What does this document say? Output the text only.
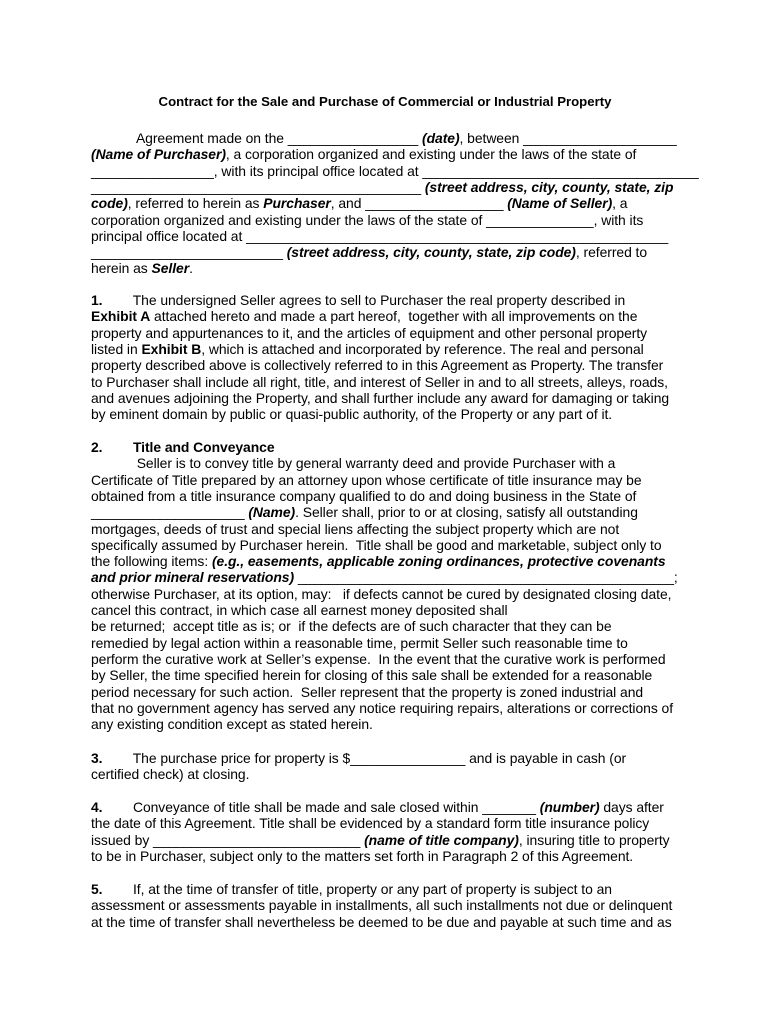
Contract for the Sale and Purchase of Commercial or Industrial Property
Agreement made on the _________________ (date), between ____________________
(Name of Purchaser), a corporation organized and existing under the laws of the state of
________________, with its principal office located at ____________________________________
___________________________________________ (street address, city, county, state, zip
code), referred to herein as Purchaser, and __________________ (Name of Seller), a
corporation organized and existing under the laws of the state of ______________, with its
principal office located at _______________________________________________________
_________________________ (street address, city, county, state, zip code), referred to
herein as Seller.
1.        The undersigned Seller agrees to sell to Purchaser the real property described in
Exhibit A attached hereto and made a part hereof,  together with all improvements on the
property and appurtenances to it, and the articles of equipment and other personal property
listed in Exhibit B, which is attached and incorporated by reference. The real and personal
property described above is collectively referred to in this Agreement as Property. The transfer
to Purchaser shall include all right, title, and interest of Seller in and to all streets, alleys, roads,
and avenues adjoining the Property, and shall further include any award for damaging or taking
by eminent domain by public or quasi-public authority, of the Property or any part of it.
2.        Title and Conveyance
Seller is to convey title by general warranty deed and provide Purchaser with a
Certificate of Title prepared by an attorney upon whose certificate of title insurance may be
obtained from a title insurance company qualified to do and doing business in the State of
____________________ (Name). Seller shall, prior to or at closing, satisfy all outstanding
mortgages, deeds of trust and special liens affecting the subject property which are not
specifically assumed by Purchaser herein.  Title shall be good and marketable, subject only to
the following items: (e.g., easements, applicable zoning ordinances, protective covenants
and prior mineral reservations) _________________________________________________;
otherwise Purchaser, at its option, may:   if defects cannot be cured by designated closing date,
cancel this contract, in which case all earnest money deposited shall
be returned;  accept title as is; or  if the defects are of such character that they can be
remedied by legal action within a reasonable time, permit Seller such reasonable time to
perform the curative work at Seller’s expense.  In the event that the curative work is performed
by Seller, the time specified herein for closing of this sale shall be extended for a reasonable
period necessary for such action.  Seller represent that the property is zoned industrial and
that no government agency has served any notice requiring repairs, alterations or corrections of
any existing condition except as stated herein.
3.        The purchase price for property is $_______________ and is payable in cash (or
certified check) at closing.
4.        Conveyance of title shall be made and sale closed within _______ (number) days after
the date of this Agreement. Title shall be evidenced by a standard form title insurance policy
issued by ___________________________ (name of title company), insuring title to property
to be in Purchaser, subject only to the matters set forth in Paragraph 2 of this Agreement.
5.        If, at the time of transfer of title, property or any part of property is subject to an
assessment or assessments payable in installments, all such installments not due or delinquent
at the time of transfer shall nevertheless be deemed to be due and payable at such time and as
